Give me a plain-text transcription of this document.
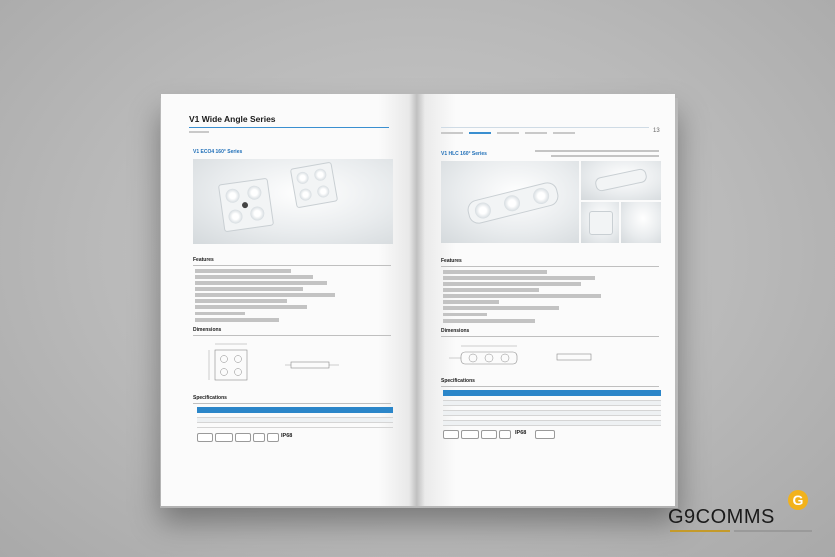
V1 Wide Angle Series
V1 ECO4 160° Series
Features
Dimensions
Specifications
IP68
13
V1 HLC 160° Series
Features
Dimensions
Specifications
IP68
G9COMMS
G
